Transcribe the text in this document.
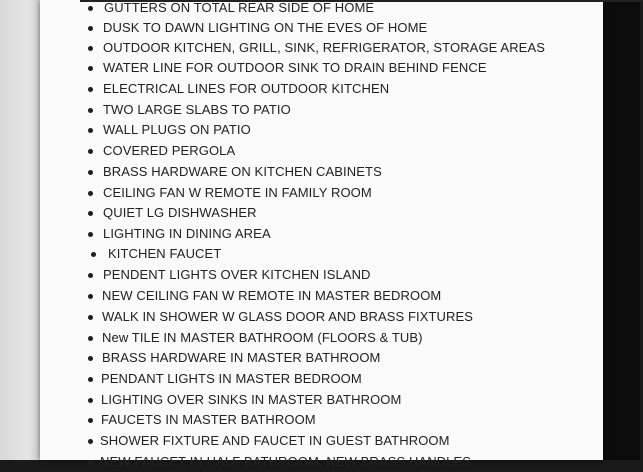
GUTTERS ON TOTAL REAR SIDE OF HOME
DUSK TO DAWN LIGHTING ON THE EVES OF HOME
OUTDOOR KITCHEN, GRILL, SINK, REFRIGERATOR, STORAGE AREAS
WATER LINE FOR OUTDOOR SINK TO DRAIN BEHIND FENCE
ELECTRICAL LINES FOR OUTDOOR KITCHEN
TWO LARGE SLABS TO PATIO
WALL PLUGS ON PATIO
COVERED PERGOLA
BRASS HARDWARE ON KITCHEN CABINETS
CEILING FAN W REMOTE IN FAMILY ROOM
QUIET LG DISHWASHER
LIGHTING IN DINING AREA
KITCHEN FAUCET
PENDENT LIGHTS OVER KITCHEN ISLAND
NEW CEILING FAN W REMOTE IN MASTER BEDROOM
WALK IN SHOWER W GLASS DOOR AND BRASS FIXTURES
New TILE IN MASTER BATHROOM (FLOORS & TUB)
BRASS HARDWARE IN MASTER BATHROOM
PENDANT LIGHTS IN MASTER BEDROOM
LIGHTING OVER SINKS IN MASTER BATHROOM
FAUCETS IN MASTER BATHROOM
SHOWER FIXTURE AND FAUCET IN GUEST BATHROOM
NEW FAUCET IN HALF BATHROOM, NEW BRASS HANDLES
